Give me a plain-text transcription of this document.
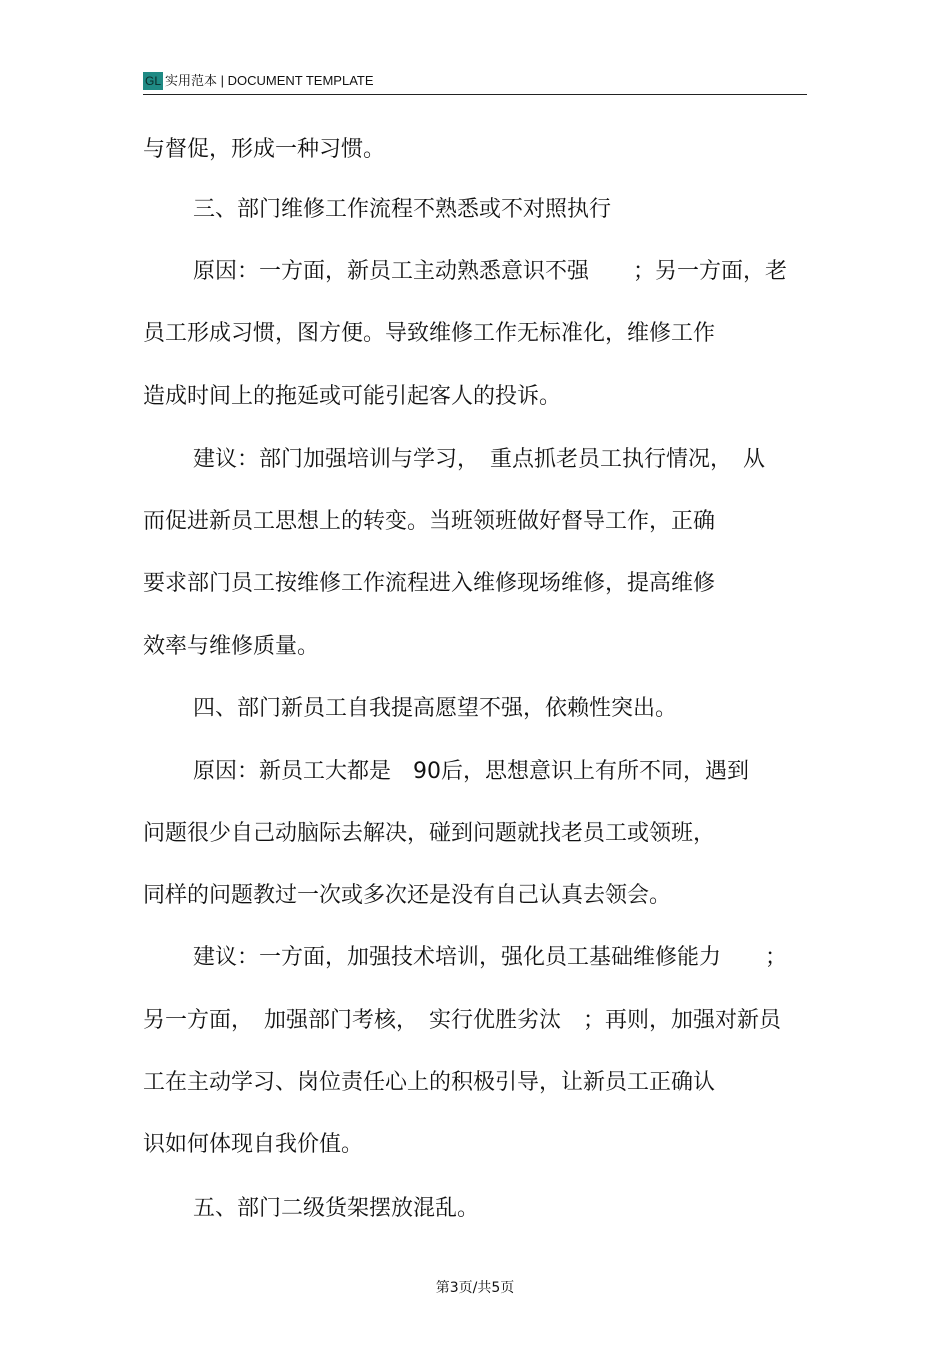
GL 实用范本 | DOCUMENT TEMPLATE
与督促，形成一种习惯。
三、部门维修工作流程不熟悉或不对照执行
原因：一方面，新员工主动熟悉意识不强　　；另一方面，老
员工形成习惯，图方便。导致维修工作无标准化，维修工作
造成时间上的拖延或可能引起客人的投诉。
建议：部门加强培训与学习，　重点抓老员工执行情况，　从
而促进新员工思想上的转变。当班领班做好督导工作，正确
要求部门员工按维修工作流程进入维修现场维修，提高维修
效率与维修质量。
四、部门新员工自我提高愿望不强，依赖性突出。
原因：新员工大都是　90后，思想意识上有所不同，遇到
问题很少自己动脑际去解决，碰到问题就找老员工或领班，
同样的问题教过一次或多次还是没有自己认真去领会。
建议：一方面，加强技术培训，强化员工基础维修能力　　；
另一方面，　加强部门考核，　实行优胜劣汰　；再则，加强对新员
工在主动学习、岗位责任心上的积极引导，让新员工正确认
识如何体现自我价值。
五、部门二级货架摆放混乱。
第3页/共5页
